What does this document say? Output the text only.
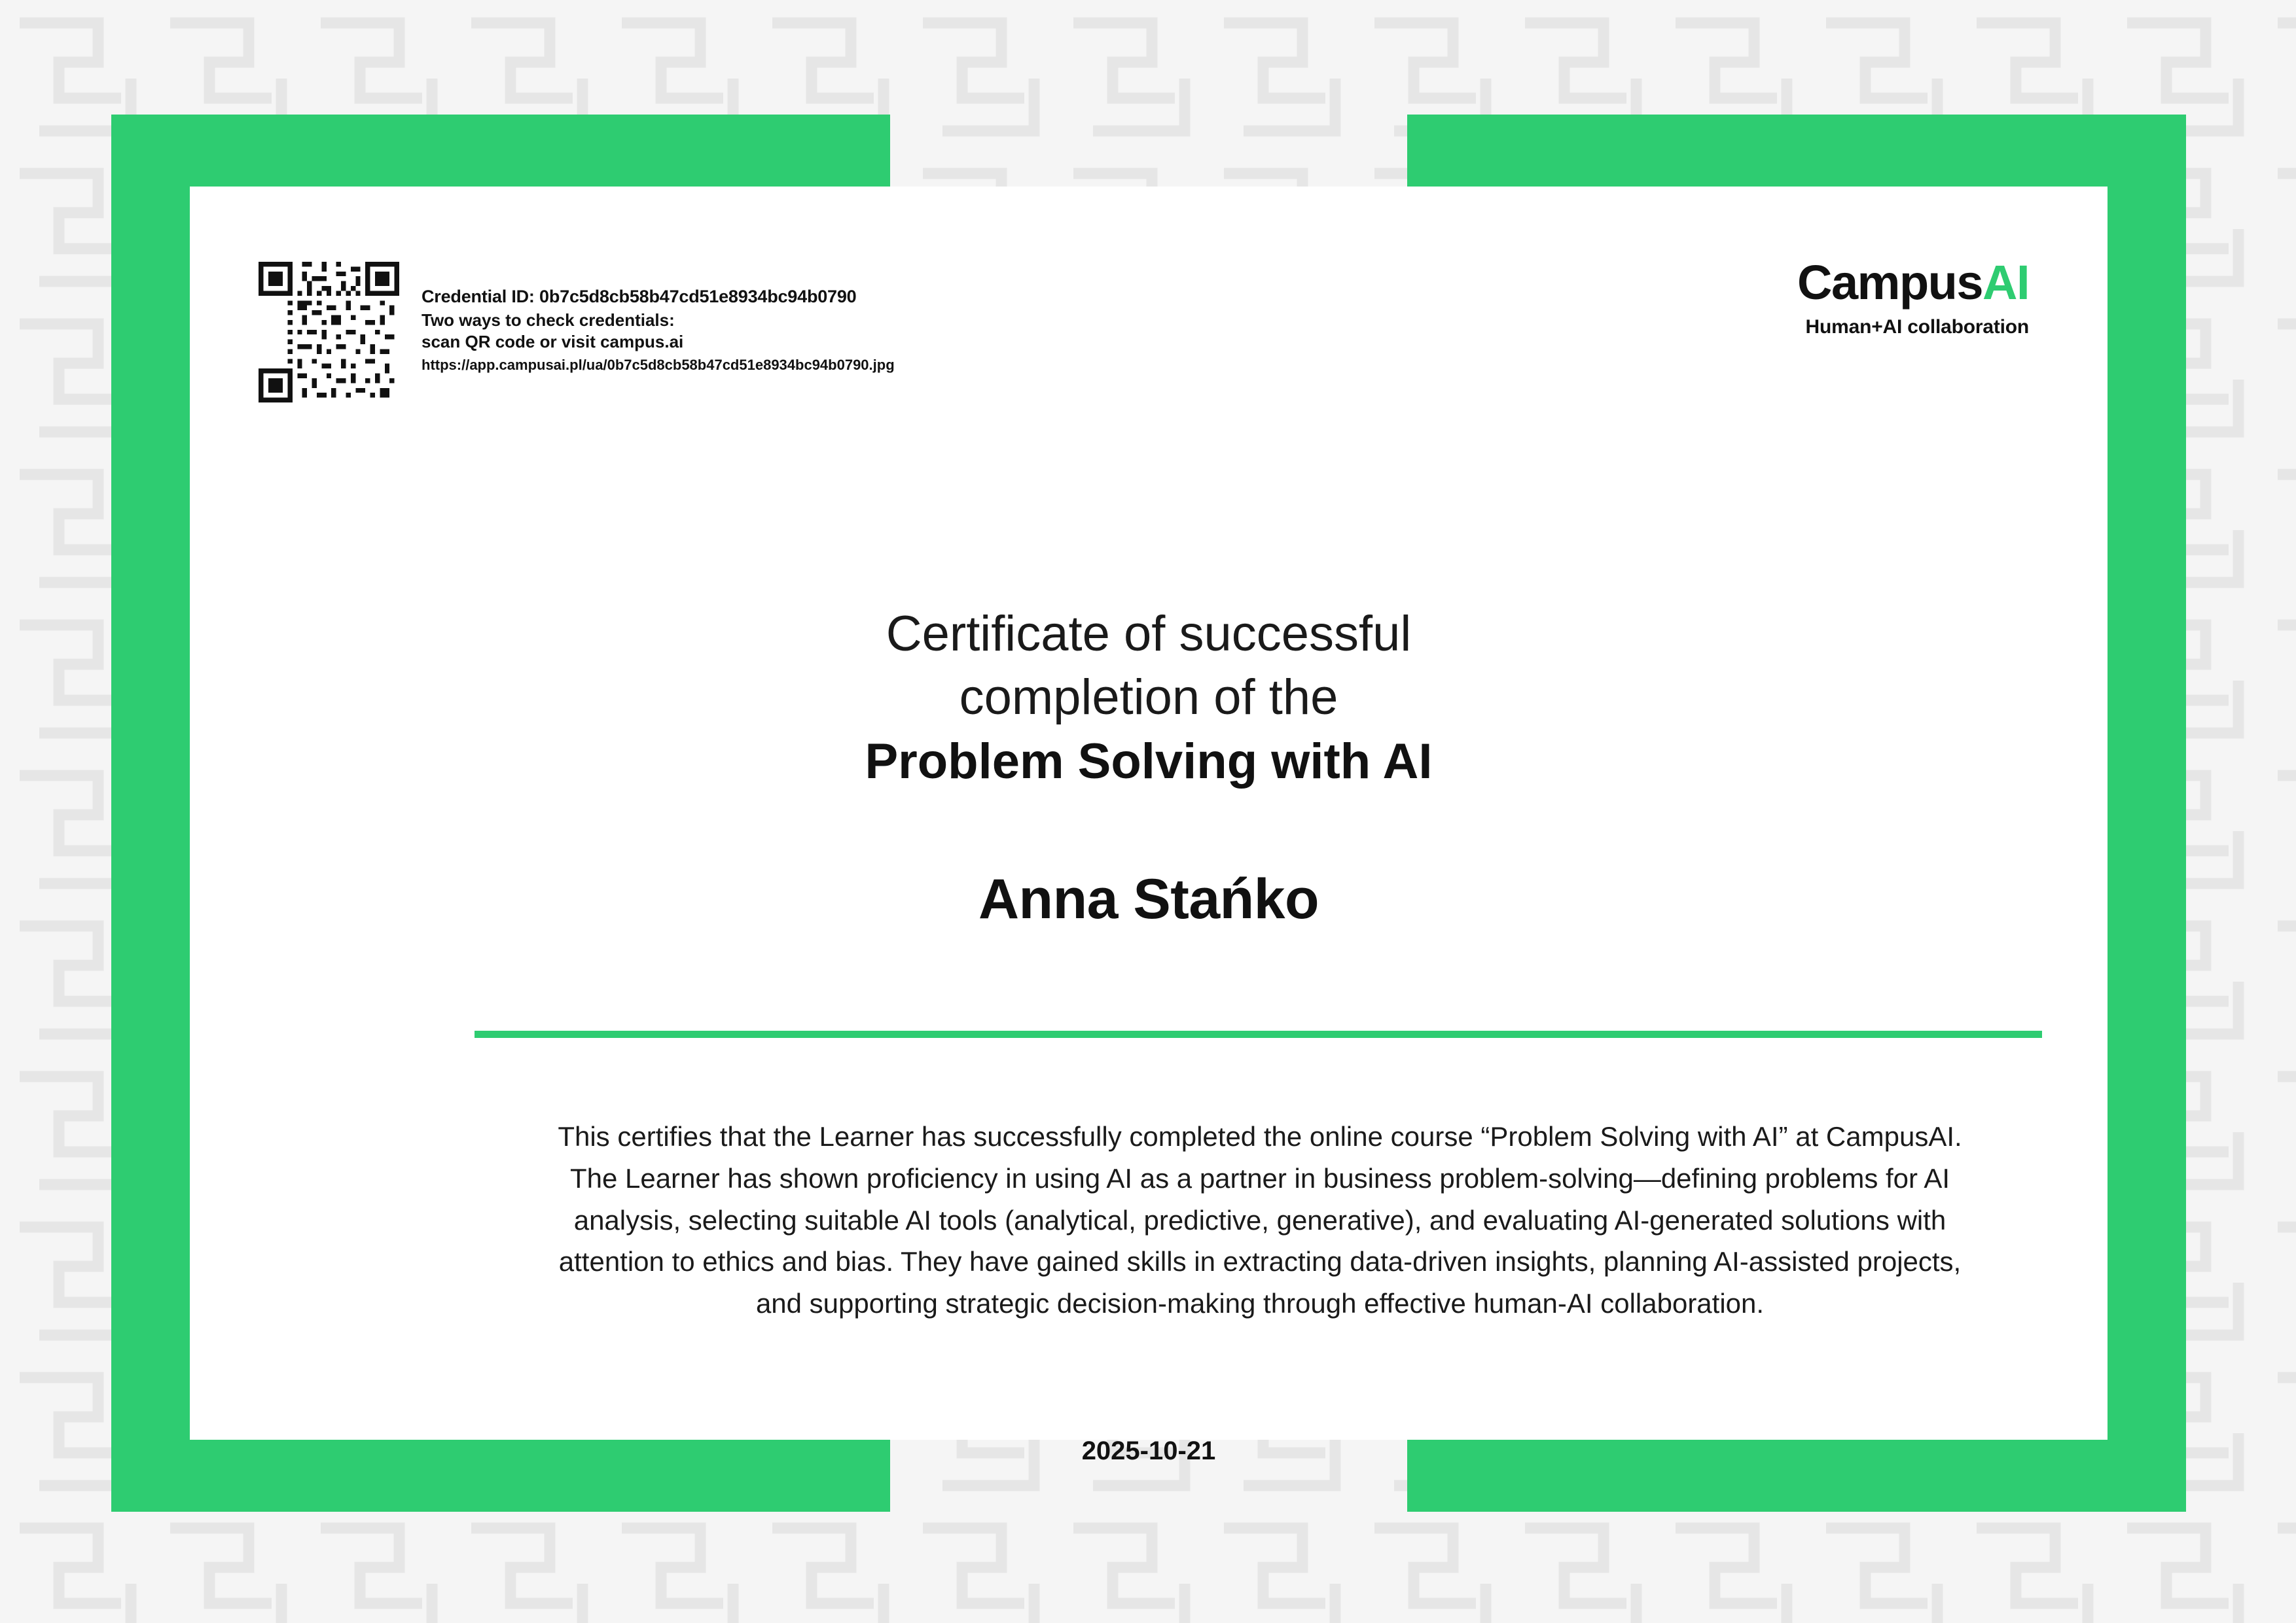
Credential ID: 0b7c5d8cb58b47cd51e8934bc94b0790
Two ways to check credentials:
scan QR code or visit campus.ai
https://app.campusai.pl/ua/0b7c5d8cb58b47cd51e8934bc94b0790.jpg
CampusAI
Human+AI collaboration
Certificate of successful
completion of the
Problem Solving with AI
Anna Stańko
This certifies that the Learner has successfully completed the online course “Problem Solving with AI” at CampusAI. The Learner has shown proficiency in using AI as a partner in business problem-solving—defining problems for AI analysis, selecting suitable AI tools (analytical, predictive, generative), and evaluating AI-generated solutions with attention to ethics and bias. They have gained skills in extracting data-driven insights, planning AI-assisted projects, and supporting strategic decision-making through effective human-AI collaboration.
2025-10-21
